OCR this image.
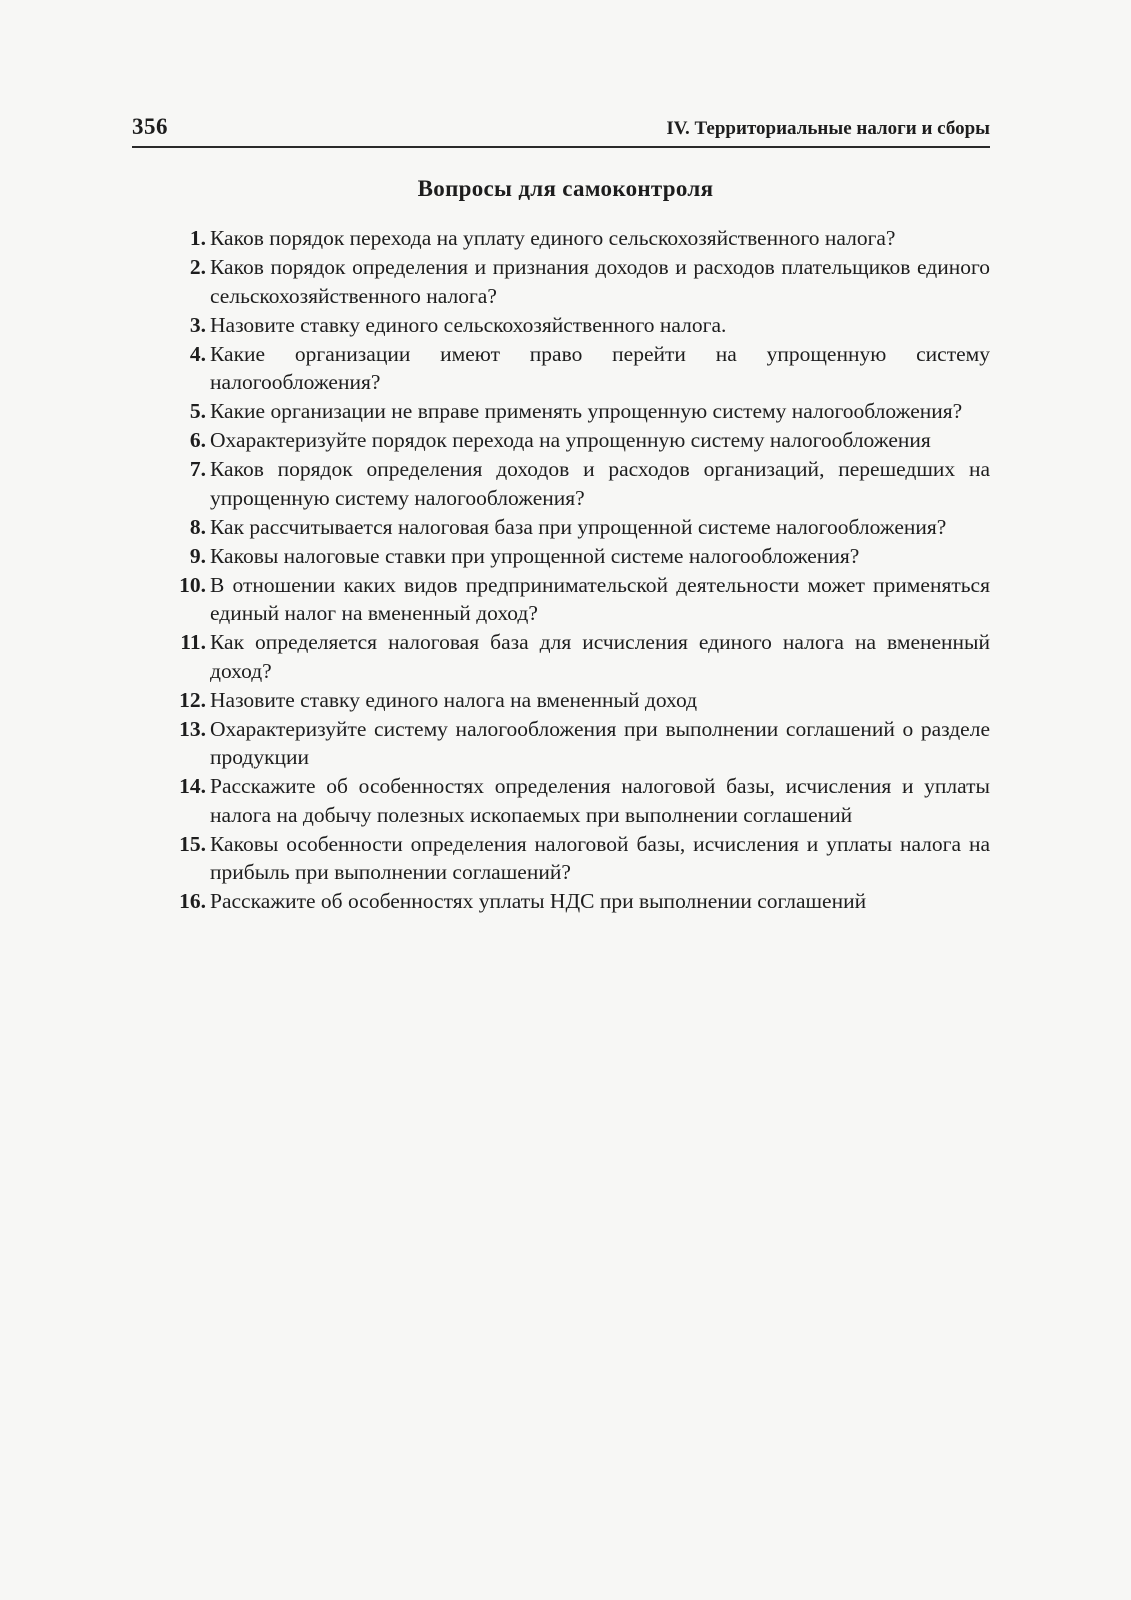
356	IV. Территориальные налоги и сборы
Вопросы для самоконтроля
1. Каков порядок перехода на уплату единого сельскохозяйственного налога?
2. Каков порядок определения и признания доходов и расходов плательщиков единого сельскохозяйственного налога?
3. Назовите ставку единого сельскохозяйственного налога.
4. Какие организации имеют право перейти на упрощенную систему налогообложения?
5. Какие организации не вправе применять упрощенную систему налогообложения?
6. Охарактеризуйте порядок перехода на упрощенную систему налогообложения
7. Каков порядок определения доходов и расходов организаций, перешедших на упрощенную систему налогообложения?
8. Как рассчитывается налоговая база при упрощенной системе налогообложения?
9. Каковы налоговые ставки при упрощенной системе налогообложения?
10. В отношении каких видов предпринимательской деятельности может применяться единый налог на вмененный доход?
11. Как определяется налоговая база для исчисления единого налога на вмененный доход?
12. Назовите ставку единого налога на вмененный доход
13. Охарактеризуйте систему налогообложения при выполнении соглашений о разделе продукции
14. Расскажите об особенностях определения налоговой базы, исчисления и уплаты налога на добычу полезных ископаемых при выполнении соглашений
15. Каковы особенности определения налоговой базы, исчисления и уплаты налога на прибыль при выполнении соглашений?
16. Расскажите об особенностях уплаты НДС при выполнении соглашений
